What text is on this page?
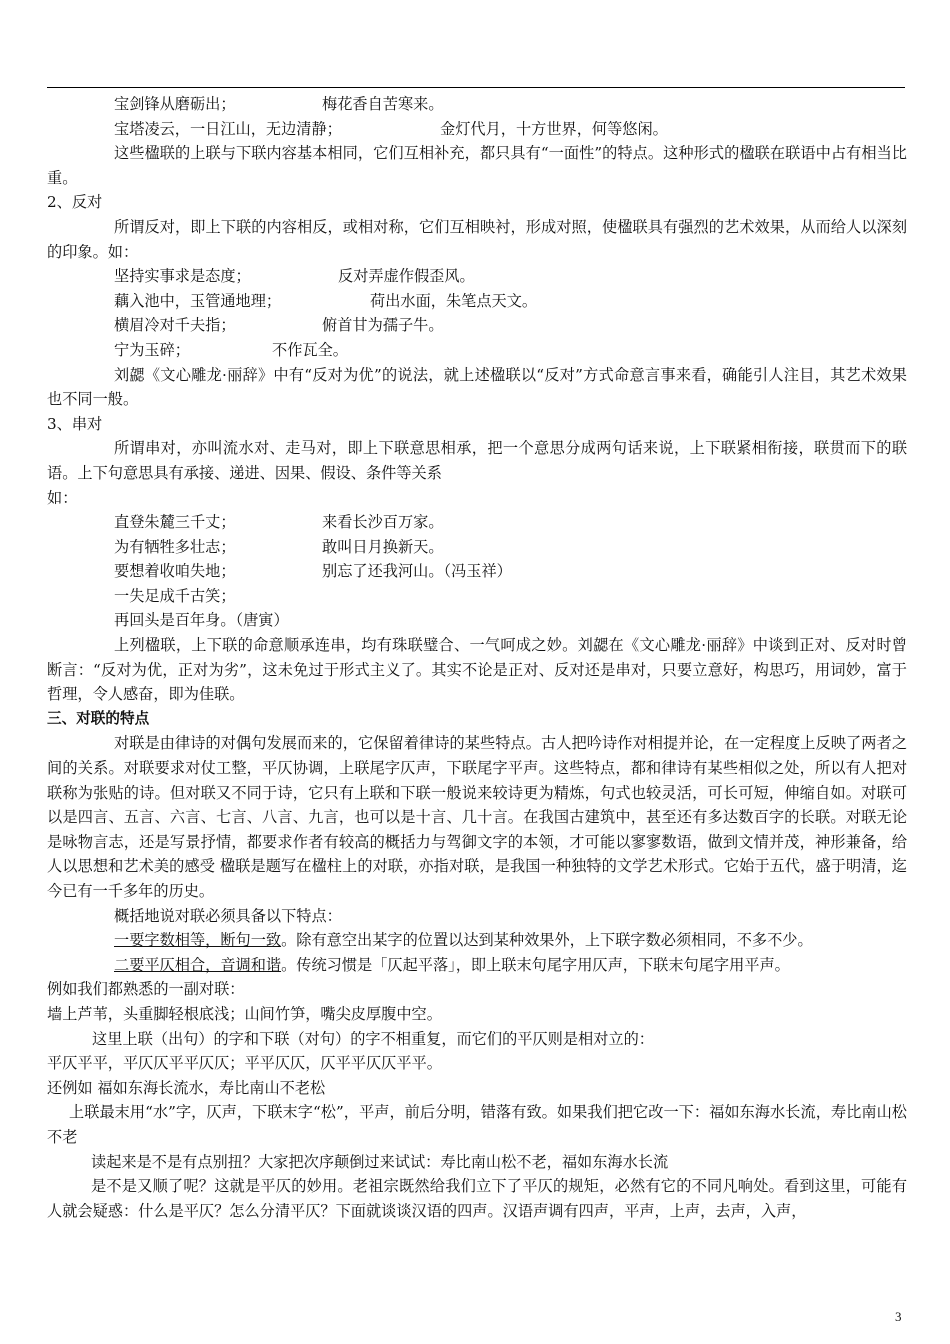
宝剑锋从磨砺出；	梅花香自苦寒来。
宝塔凌云，一日江山，无边清静；	金灯代月，十方世界，何等悠闲。

这些楹联的上联与下联内容基本相同，它们互相补充，都只具有“一面性”的特点。这种形式的楹联在联语中占有相当比重。

2、反对

所谓反对，即上下联的内容相反，或相对称，它们互相映衬，形成对照，使楹联具有强烈的艺术效果，从而给人以深刻的印象。如：

坚持实事求是态度；	反对弄虚作假歪风。
藕入池中，玉管通地理；	荷出水面，朱笔点天文。
横眉冷对千夫指；	俯首甘为孺子牛。
宁为玉碎；	不作瓦全。

刘勰《文心雕龙·丽辞》中有“反对为优”的说法，就上述楹联以“反对”方式命意言事来看，确能引人注目，其艺术效果也不同一般。

3、串对

所谓串对，亦叫流水对、走马对，即上下联意思相承，把一个意思分成两句话来说，上下联紧相衔接，联贯而下的联语。上下句意思具有承接、递进、因果、假设、条件等关系

如：
直登朱麓三千丈；	来看长沙百万家。
为有牺牲多壮志；	敢叫日月换新天。
要想着收咱失地；	别忘了还我河山。（冯玉祥）
一失足成千古笑；
再回头是百年身。（唐寅）

上列楹联，上下联的命意顺承连串，均有珠联璧合、一气呵成之妙。刘勰在《文心雕龙·丽辞》中谈到正对、反对时曾断言：“反对为优，正对为劣”，这未免过于形式主义了。其实不论是正对、反对还是串对，只要立意好，构思巧，用词妙，富于哲理，令人感奋，即为佳联。

三、对联的特点

对联是由律诗的对偶句发展而来的，它保留着律诗的某些特点。古人把吟诗作对相提并论，在一定程度上反映了两者之间的关系。对联要求对仗工整，平仄协调，上联尾字仄声，下联尾字平声。这些特点，都和律诗有某些相似之处，所以有人把对联称为张贴的诗。但对联又不同于诗，它只有上联和下联一般说来较诗更为精炼，句式也较灵活，可长可短，伸缩自如。对联可以是四言、五言、六言、七言、八言、九言，也可以是十言、几十言。在我国古建筑中，甚至还有多达数百字的长联。对联无论是咏物言志，还是写景抒情，都要求作者有较高的概括力与驾御文字的本领，才可能以寥寥数语，做到文情并茂，神形兼备，给人以思想和艺术美的感受 楹联是题写在楹柱上的对联，亦指对联，是我国一种独特的文学艺术形式。它始于五代，盛于明清，迄今已有一千多年的历史。

概括地说对联必须具备以下特点：

一要字数相等，断句一致。除有意空出某字的位置以达到某种效果外，上下联字数必须相同，不多不少。

二要平仄相合，音调和谐。传统习惯是「仄起平落」，即上联末句尾字用仄声，下联末句尾字用平声。

例如我们都熟悉的一副对联：
墙上芦苇，头重脚轻根底浅；山间竹笋，嘴尖皮厚腹中空。
这里上联（出句）的字和下联（对句）的字不相重复，而它们的平仄则是相对立的：
平仄平平，平仄仄平平仄仄；平平仄仄，仄平平仄仄平平。
还例如 福如东海长流水，寿比南山不老松

上联最末用“水”字，仄声，下联末字“松”，平声，前后分明，错落有致。如果我们把它改一下：福如东海水长流，寿比南山松不老

读起来是不是有点别扭？大家把次序颠倒过来试试：寿比南山松不老，福如东海水长流

是不是又顺了呢？这就是平仄的妙用。老祖宗既然给我们立下了平仄的规矩，必然有它的不同凡响处。看到这里，可能有人就会疑惑：什么是平仄？怎么分清平仄？下面就谈谈汉语的四声。汉语声调有四声，平声，上声，去声，入声，

3
